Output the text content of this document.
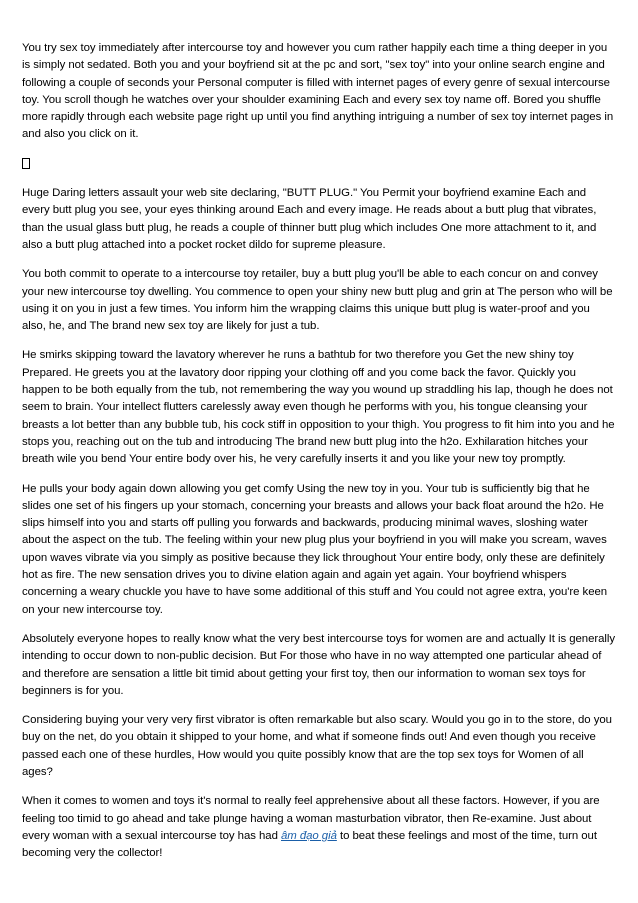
You try sex toy immediately after intercourse toy and however you cum rather happily each time a thing deeper in you is simply not sedated. Both you and your boyfriend sit at the pc and sort, "sex toy" into your online search engine and following a couple of seconds your Personal computer is filled with internet pages of every genre of sexual intercourse toy. You scroll though he watches over your shoulder examining Each and every sex toy name off. Bored you shuffle more rapidly through each website page right up until you find anything intriguing a number of sex toy internet pages in and also you click on it.

Huge Daring letters assault your web site declaring, "BUTT PLUG." You Permit your boyfriend examine Each and every butt plug you see, your eyes thinking around Each and every image. He reads about a butt plug that vibrates, than the usual glass butt plug, he reads a couple of thinner butt plug which includes One more attachment to it, and also a butt plug attached into a pocket rocket dildo for supreme pleasure.

You both commit to operate to a intercourse toy retailer, buy a butt plug you'll be able to each concur on and convey your new intercourse toy dwelling. You commence to open your shiny new butt plug and grin at The person who will be using it on you in just a few times. You inform him the wrapping claims this unique butt plug is water-proof and you also, he, and The brand new sex toy are likely for just a tub.

He smirks skipping toward the lavatory wherever he runs a bathtub for two therefore you Get the new shiny toy Prepared. He greets you at the lavatory door ripping your clothing off and you come back the favor. Quickly you happen to be both equally from the tub, not remembering the way you wound up straddling his lap, though he does not seem to brain. Your intellect flutters carelessly away even though he performs with you, his tongue cleansing your breasts a lot better than any bubble tub, his cock stiff in opposition to your thigh. You progress to fit him into you and he stops you, reaching out on the tub and introducing The brand new butt plug into the h2o. Exhilaration hitches your breath wile you bend Your entire body over his, he very carefully inserts it and you like your new toy promptly.

He pulls your body again down allowing you get comfy Using the new toy in you. Your tub is sufficiently big that he slides one set of his fingers up your stomach, concerning your breasts and allows your back float around the h2o. He slips himself into you and starts off pulling you forwards and backwards, producing minimal waves, sloshing water about the aspect on the tub. The feeling within your new plug plus your boyfriend in you will make you scream, waves upon waves vibrate via you simply as positive because they lick throughout Your entire body, only these are definitely hot as fire. The new sensation drives you to divine elation again and again yet again. Your boyfriend whispers concerning a weary chuckle you have to have some additional of this stuff and You could not agree extra, you're keen on your new intercourse toy.

Absolutely everyone hopes to really know what the very best intercourse toys for women are and actually It is generally intending to occur down to non-public decision. But For those who have in no way attempted one particular ahead of and therefore are sensation a little bit timid about getting your first toy, then our information to woman sex toys for beginners is for you.

Considering buying your very very first vibrator is often remarkable but also scary. Would you go in to the store, do you buy on the net, do you obtain it shipped to your home, and what if someone finds out! And even though you receive passed each one of these hurdles, How would you quite possibly know that are the top sex toys for Women of all ages?

When it comes to women and toys it's normal to really feel apprehensive about all these factors. However, if you are feeling too timid to go ahead and take plunge having a woman masturbation vibrator, then Re-examine. Just about every woman with a sexual intercourse toy has had âm đạo giả to beat these feelings and most of the time, turn out becoming very the collector!
